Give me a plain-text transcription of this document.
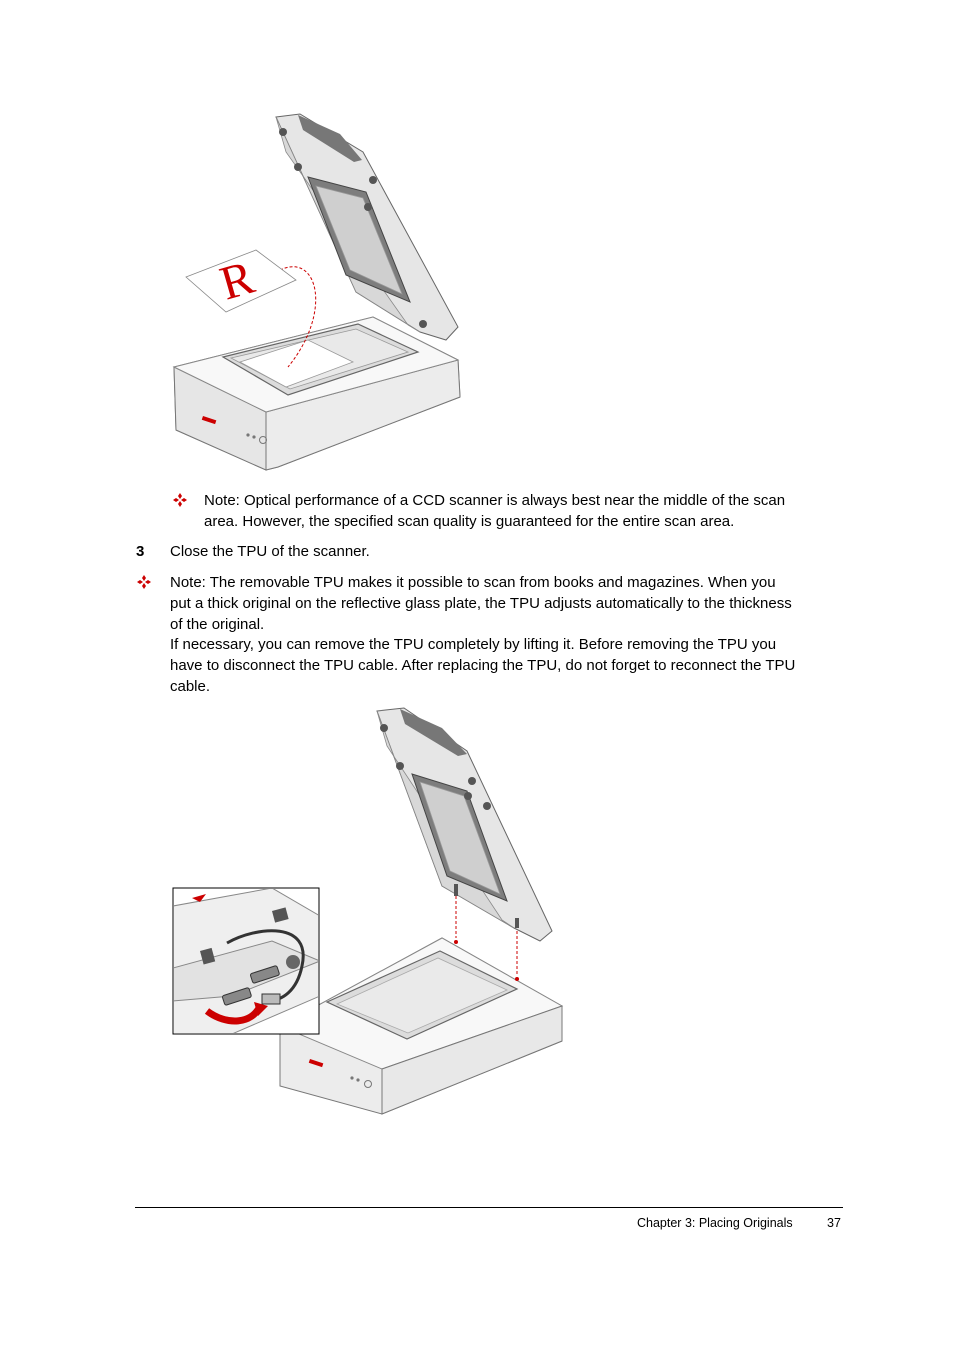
R
Note: Optical performance of a CCD scanner is always best near the middle of the scan
area. However, the specified scan quality is guaranteed for the entire scan area.
3 Close the TPU of the scanner.
Note: The removable TPU makes it possible to scan from books and magazines. When you
put a thick original on the reflective glass plate, the TPU adjusts automatically to the thickness
of the original.
If necessary, you can remove the TPU completely by lifting it. Before removing the TPU you
have to disconnect the TPU cable. After replacing the TPU, do not forget to reconnect the TPU
cable.
Chapter 3: Placing Originals	37
